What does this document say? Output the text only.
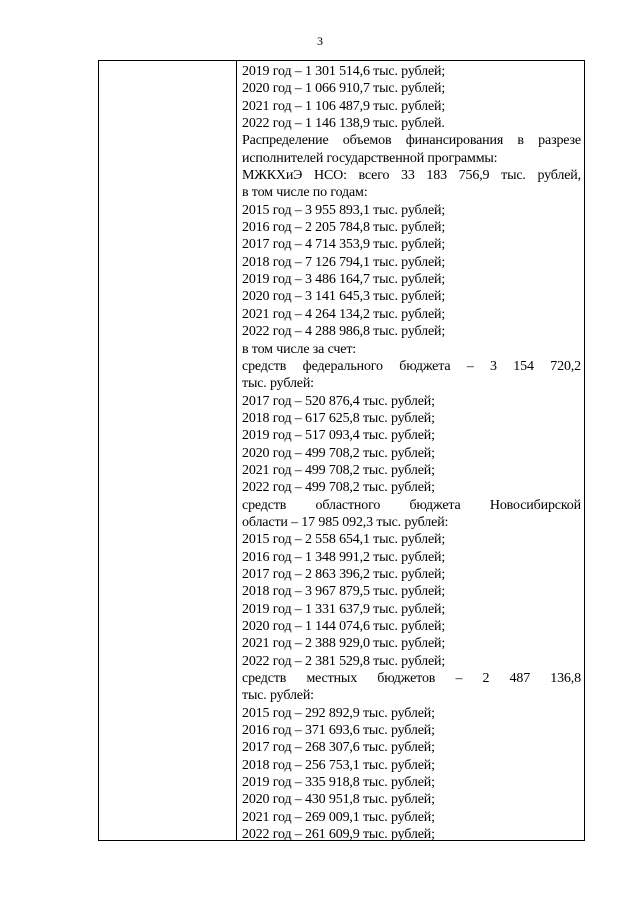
3
2019 год – 1 301 514,6 тыс. рублей;
2020 год – 1 066 910,7 тыс. рублей;
2021 год – 1 106 487,9 тыс. рублей;
2022 год – 1 146 138,9 тыс. рублей.
Распределение объемов финансирования в разрезе
исполнителей государственной программы:
МЖКХиЭ НСО: всего 33 183 756,9 тыс. рублей,
в том числе по годам:
2015 год – 3 955 893,1 тыс. рублей;
2016 год – 2 205 784,8 тыс. рублей;
2017 год – 4 714 353,9 тыс. рублей;
2018 год – 7 126 794,1 тыс. рублей;
2019 год – 3 486 164,7 тыс. рублей;
2020 год – 3 141 645,3 тыс. рублей;
2021 год – 4 264 134,2 тыс. рублей;
2022 год – 4 288 986,8 тыс. рублей;
в том числе за счет:
средств федерального бюджета – 3 154 720,2
тыс. рублей:
2017 год – 520 876,4 тыс. рублей;
2018 год – 617 625,8 тыс. рублей;
2019 год – 517 093,4 тыс. рублей;
2020 год – 499 708,2 тыс. рублей;
2021 год – 499 708,2 тыс. рублей;
2022 год – 499 708,2 тыс. рублей;
средств областного бюджета Новосибирской
области – 17 985 092,3 тыс. рублей:
2015 год – 2 558 654,1 тыс. рублей;
2016 год – 1 348 991,2 тыс. рублей;
2017 год – 2 863 396,2 тыс. рублей;
2018 год – 3 967 879,5 тыс. рублей;
2019 год – 1 331 637,9 тыс. рублей;
2020 год – 1 144 074,6 тыс. рублей;
2021 год – 2 388 929,0 тыс. рублей;
2022 год – 2 381 529,8 тыс. рублей;
средств местных бюджетов – 2 487 136,8
тыс. рублей:
2015 год – 292 892,9 тыс. рублей;
2016 год – 371 693,6 тыс. рублей;
2017 год – 268 307,6 тыс. рублей;
2018 год – 256 753,1 тыс. рублей;
2019 год – 335 918,8 тыс. рублей;
2020 год – 430 951,8 тыс. рублей;
2021 год – 269 009,1 тыс. рублей;
2022 год – 261 609,9 тыс. рублей;
